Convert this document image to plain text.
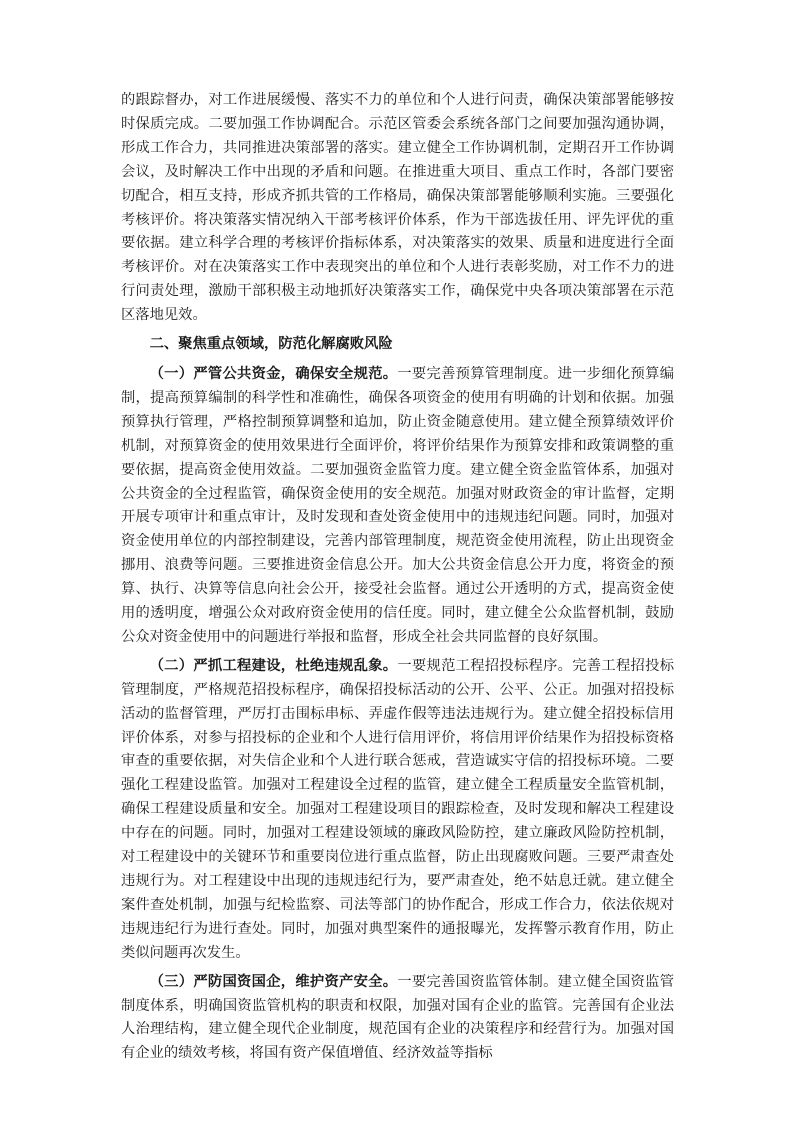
的跟踪督办，对工作进展缓慢、落实不力的单位和个人进行问责，确保决策部署能够按时保质完成。二要加强工作协调配合。示范区管委会系统各部门之间要加强沟通协调，形成工作合力，共同推进决策部署的落实。建立健全工作协调机制，定期召开工作协调会议，及时解决工作中出现的矛盾和问题。在推进重大项目、重点工作时，各部门要密切配合，相互支持，形成齐抓共管的工作格局，确保决策部署能够顺利实施。三要强化考核评价。将决策落实情况纳入干部考核评价体系，作为干部选拔任用、评先评优的重要依据。建立科学合理的考核评价指标体系，对决策落实的效果、质量和进度进行全面考核评价。对在决策落实工作中表现突出的单位和个人进行表彰奖励，对工作不力的进行问责处理，激励干部积极主动地抓好决策落实工作，确保党中央各项决策部署在示范区落地见效。

二、聚焦重点领域，防范化解腐败风险

（一）严管公共资金，确保安全规范。一要完善预算管理制度。进一步细化预算编制，提高预算编制的科学性和准确性，确保各项资金的使用有明确的计划和依据。加强预算执行管理，严格控制预算调整和追加，防止资金随意使用。建立健全预算绩效评价机制，对预算资金的使用效果进行全面评价，将评价结果作为预算安排和政策调整的重要依据，提高资金使用效益。二要加强资金监管力度。建立健全资金监管体系，加强对公共资金的全过程监管，确保资金使用的安全规范。加强对财政资金的审计监督，定期开展专项审计和重点审计，及时发现和查处资金使用中的违规违纪问题。同时，加强对资金使用单位的内部控制建设，完善内部管理制度，规范资金使用流程，防止出现资金挪用、浪费等问题。三要推进资金信息公开。加大公共资金信息公开力度，将资金的预算、执行、决算等信息向社会公开，接受社会监督。通过公开透明的方式，提高资金使用的透明度，增强公众对政府资金使用的信任度。同时，建立健全公众监督机制，鼓励公众对资金使用中的问题进行举报和监督，形成全社会共同监督的良好氛围。

（二）严抓工程建设，杜绝违规乱象。一要规范工程招投标程序。完善工程招投标管理制度，严格规范招投标程序，确保招投标活动的公开、公平、公正。加强对招投标活动的监督管理，严厉打击围标串标、弄虚作假等违法违规行为。建立健全招投标信用评价体系，对参与招投标的企业和个人进行信用评价，将信用评价结果作为招投标资格审查的重要依据，对失信企业和个人进行联合惩戒，营造诚实守信的招投标环境。二要强化工程建设监管。加强对工程建设全过程的监管，建立健全工程质量安全监管机制，确保工程建设质量和安全。加强对工程建设项目的跟踪检查，及时发现和解决工程建设中存在的问题。同时，加强对工程建设领域的廉政风险防控，建立廉政风险防控机制，对工程建设中的关键环节和重要岗位进行重点监督，防止出现腐败问题。三要严肃查处违规行为。对工程建设中出现的违规违纪行为，要严肃查处，绝不姑息迁就。建立健全案件查处机制，加强与纪检监察、司法等部门的协作配合，形成工作合力，依法依规对违规违纪行为进行查处。同时，加强对典型案件的通报曝光，发挥警示教育作用，防止类似问题再次发生。

（三）严防国资国企，维护资产安全。一要完善国资监管体制。建立健全国资监管制度体系，明确国资监管机构的职责和权限，加强对国有企业的监管。完善国有企业法人治理结构，建立健全现代企业制度，规范国有企业的决策程序和经营行为。加强对国有企业的绩效考核，将国有资产保值增值、经济效益等指标
